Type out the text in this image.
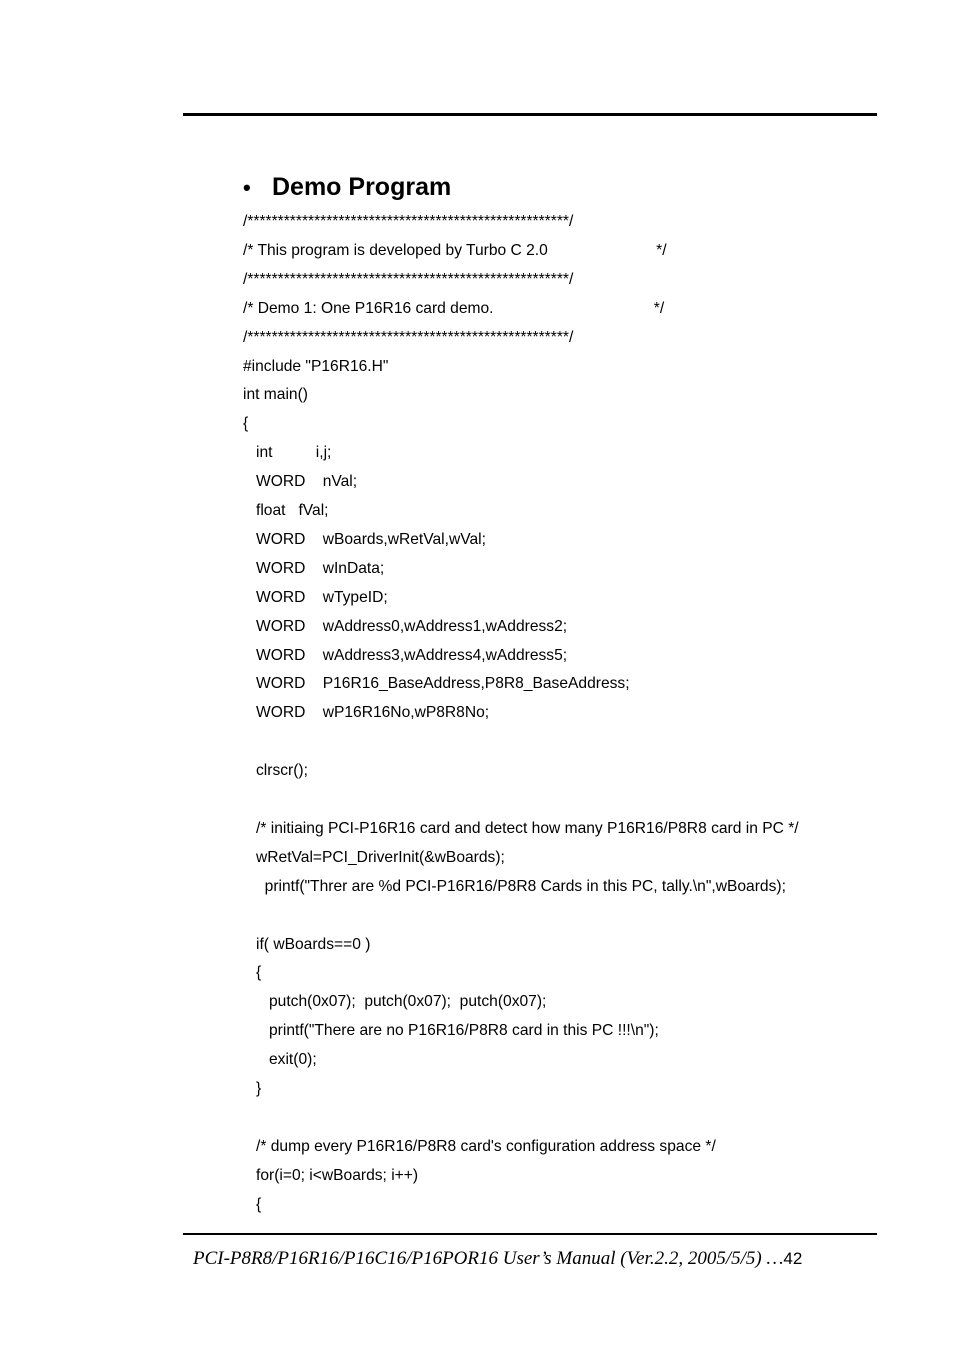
• Demo Program
/*****************************************************/
/* This program is developed by Turbo C 2.0                         */
/*****************************************************/
/* Demo 1: One P16R16 card demo.                                     */
/*****************************************************/
#include "P16R16.H"
int main()
{
int          i,j;
WORD    nVal;
float   fVal;
WORD    wBoards,wRetVal,wVal;
WORD    wInData;
WORD    wTypeID;
WORD    wAddress0,wAddress1,wAddress2;
WORD    wAddress3,wAddress4,wAddress5;
WORD    P16R16_BaseAddress,P8R8_BaseAddress;
WORD    wP16R16No,wP8R8No;
clrscr();
/* initiaing PCI-P16R16 card and detect how many P16R16/P8R8 card in PC */
wRetVal=PCI_DriverInit(&wBoards);
printf("Threr are %d PCI-P16R16/P8R8 Cards in this PC, tally.\n",wBoards);
if( wBoards==0 )
{
putch(0x07);  putch(0x07);  putch(0x07);
printf("There are no P16R16/P8R8 card in this PC !!!\n");
exit(0);
}
/* dump every P16R16/P8R8 card's configuration address space */
for(i=0; i<wBoards; i++)
{
PCI-P8R8/P16R16/P16C16/P16POR16 User’s Manual (Ver.2.2, 2005/5/5) …42
